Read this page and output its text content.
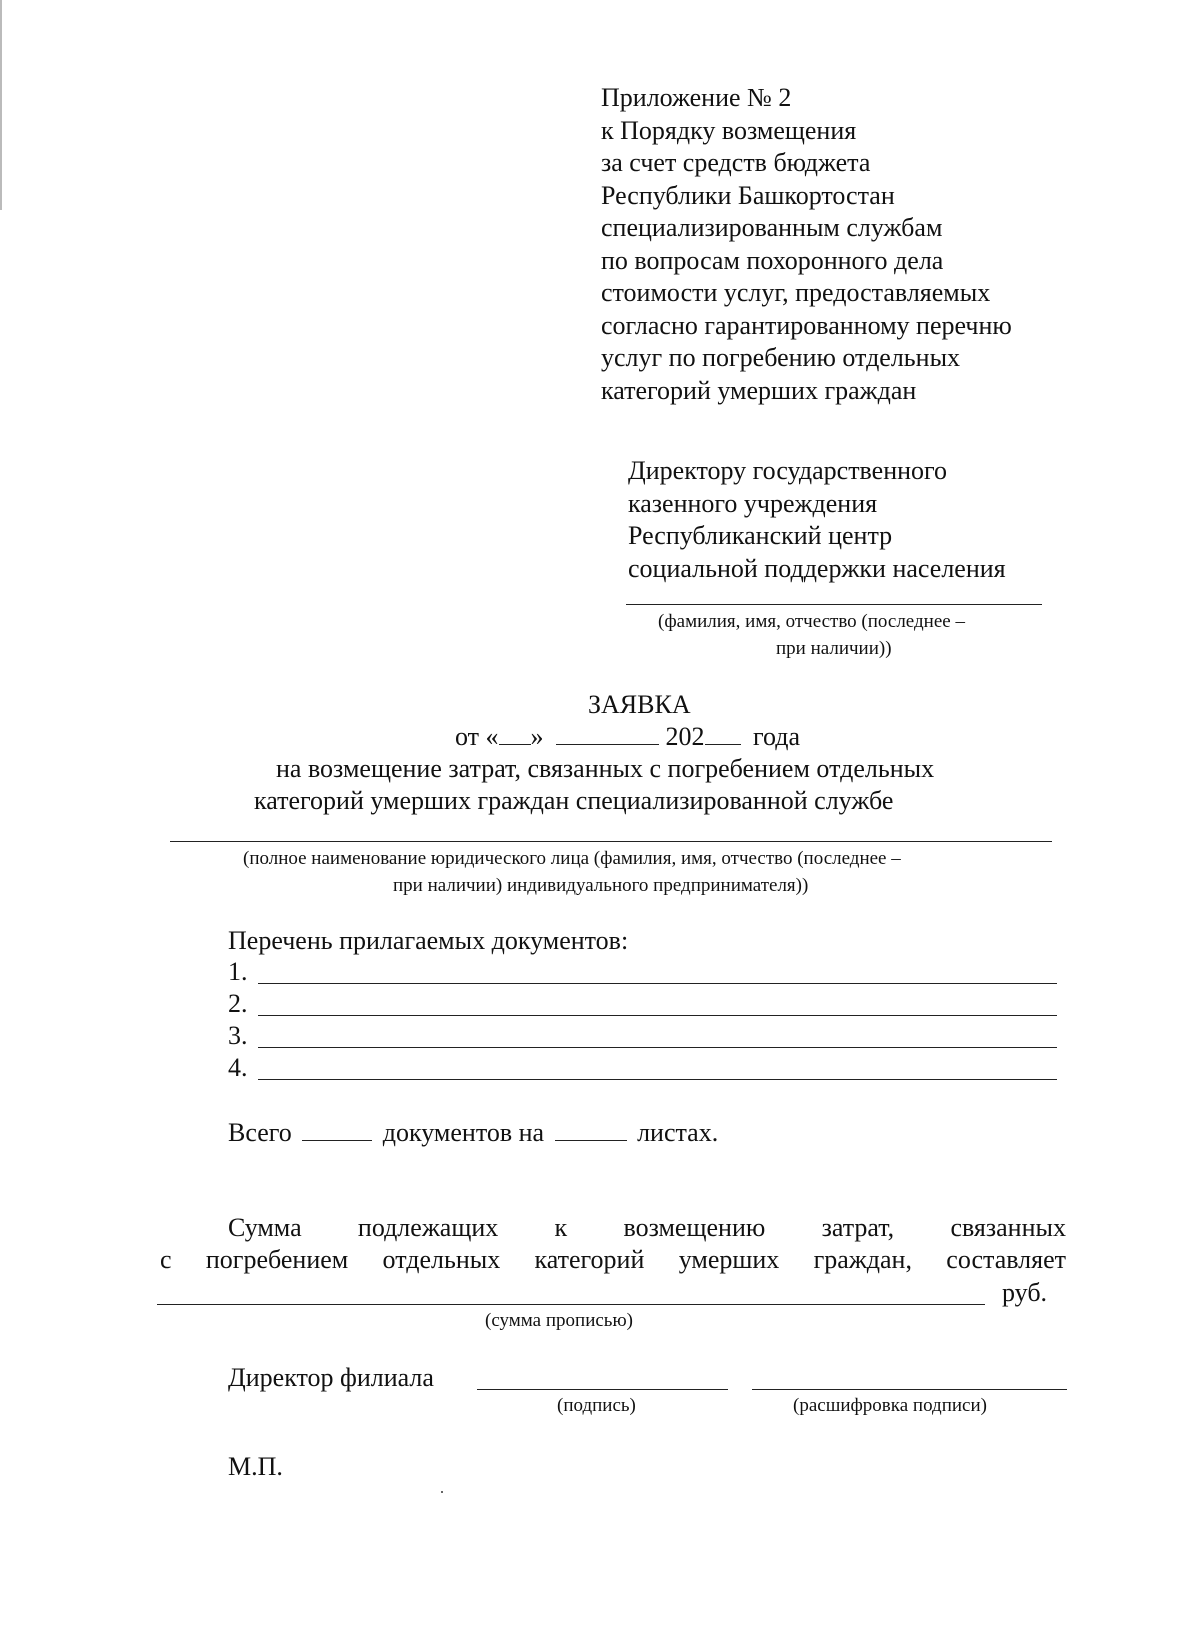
Приложение № 2
к Порядку возмещения
за счет средств бюджета
Республики Башкортостан
специализированным службам
по вопросам похоронного дела
стоимости услуг, предоставляемых
согласно гарантированному перечню
услуг по погребению отдельных
категорий умерших граждан
Директору государственного
казенного учреждения
Республиканский центр
социальной поддержки населения
(фамилия, имя, отчество (последнее –
при наличии))
ЗАЯВКА
от « »	202 года
на возмещение затрат, связанных с погребением отдельных
категорий умерших граждан специализированной службе
(полное наименование юридического лица (фамилия, имя, отчество (последнее –
при наличии) индивидуального предпринимателя))
Перечень прилагаемых документов:
1.
2.
3.
4.
Всего	документов на	листах.
Сумма подлежащих к возмещению затрат, связанных
с погребением отдельных категорий умерших граждан, составляет
руб.
(сумма прописью)
Директор филиала
(подпись)	(расшифровка подписи)
М.П.
